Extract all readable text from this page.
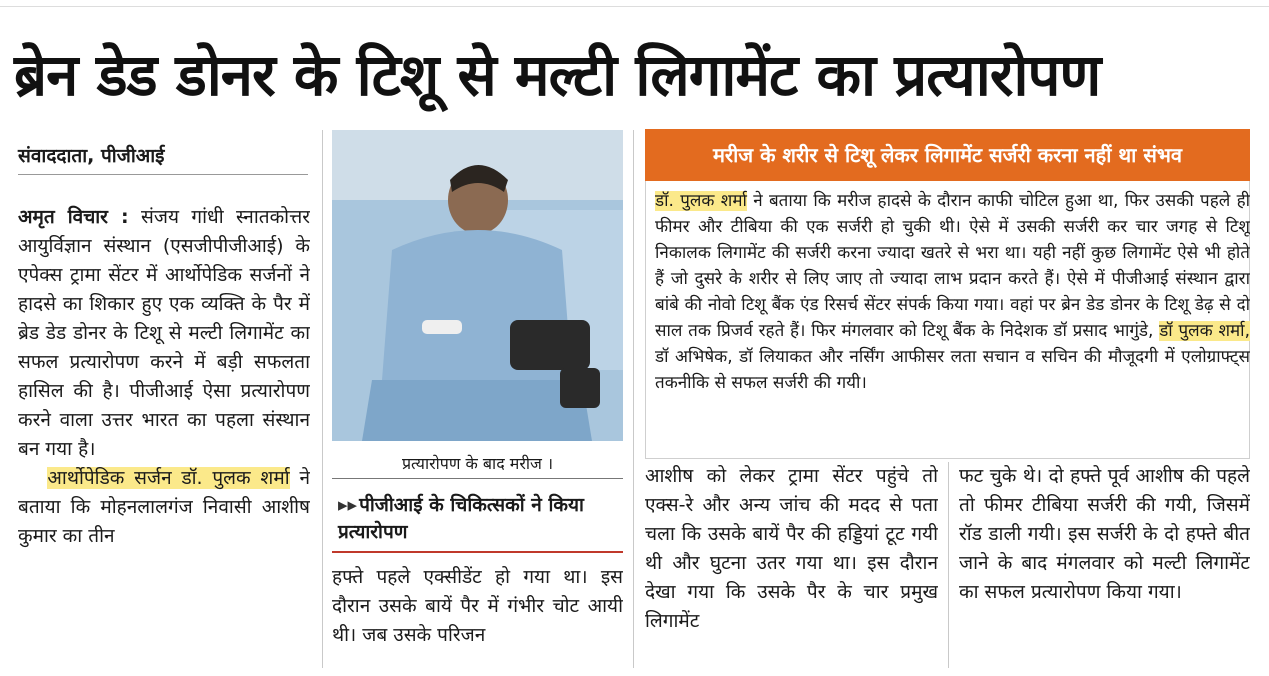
ब्रेन डेड डोनर के टिशू से मल्टी लिगामेंट का प्रत्यारोपण
संवाददाता, पीजीआई

अमृत विचार : संजय गांधी स्नातकोत्तर आयुर्विज्ञान संस्थान (एसजीपीजीआई) के एपेक्स ट्रामा सेंटर में आर्थोपेडिक सर्जनों ने हादसे का शिकार हुए एक व्यक्ति के पैर में ब्रेड डेड डोनर के टिशू से मल्टी लिगामेंट का सफल प्रत्यारोपण करने में बड़ी सफलता हासिल की है। पीजीआई ऐसा प्रत्यारोपण करने वाला उत्तर भारत का पहला संस्थान बन गया है।

आर्थोपेडिक सर्जन डॉ. पुलक शर्मा ने बताया कि मोहनलालगंज निवासी आशीष कुमार का तीन

प्रत्यारोपण के बाद मरीज ।
▸▸ पीजीआई के चिकित्सकों ने किया प्रत्यारोपण
हफ्ते पहले एक्सीडेंट हो गया था। इस दौरान उसके बायें पैर में गंभीर चोट आयी थी। जब उसके परिजन
मरीज के शरीर से टिशू लेकर लिगामेंट सर्जरी करना नहीं था संभव
डॉ. पुलक शर्मा ने बताया कि मरीज हादसे के दौरान काफी चोटिल हुआ था, फिर उसकी पहले ही फीमर और टीबिया की एक सर्जरी हो चुकी थी। ऐसे में उसकी सर्जरी कर चार जगह से टिशू निकालक लिगामेंट की सर्जरी करना ज्यादा खतरे से भरा था। यही नहीं कुछ लिगामेंट ऐसे भी होते हैं जो दुसरे के शरीर से लिए जाए तो ज्यादा लाभ प्रदान करते हैं। ऐसे में पीजीआई संस्थान द्वारा बांबे की नोवो टिशू बैंक एंड रिसर्च सेंटर संपर्क किया गया। वहां पर ब्रेन डेड डोनर के टिशू डेढ़ से दो साल तक प्रिजर्व रहते हैं। फिर मंगलवार को टिशू बैंक के निदेशक डॉ प्रसाद भागुंडे, डॉ पुलक शर्मा, डॉ अभिषेक, डॉ लियाकत और नर्सिंग आफीसर लता सचान व सचिन की मौजूदगी में एलोग्राफ्ट्स तकनीकि से सफल सर्जरी की गयी।
आशीष को लेकर ट्रामा सेंटर पहुंचे तो एक्स-रे और अन्य जांच की मदद से पता चला कि उसके बायें पैर की हड्डियां टूट गयी थी और घुटना उतर गया था। इस दौरान देखा गया कि उसके पैर के चार प्रमुख लिगामेंट
फट चुके थे। दो हफ्ते पूर्व आशीष की पहले तो फीमर टीबिया सर्जरी की गयी, जिसमें रॉड डाली गयी। इस सर्जरी के दो हफ्ते बीत जाने के बाद मंगलवार को मल्टी लिगामेंट का सफल प्रत्यारोपण किया गया।
